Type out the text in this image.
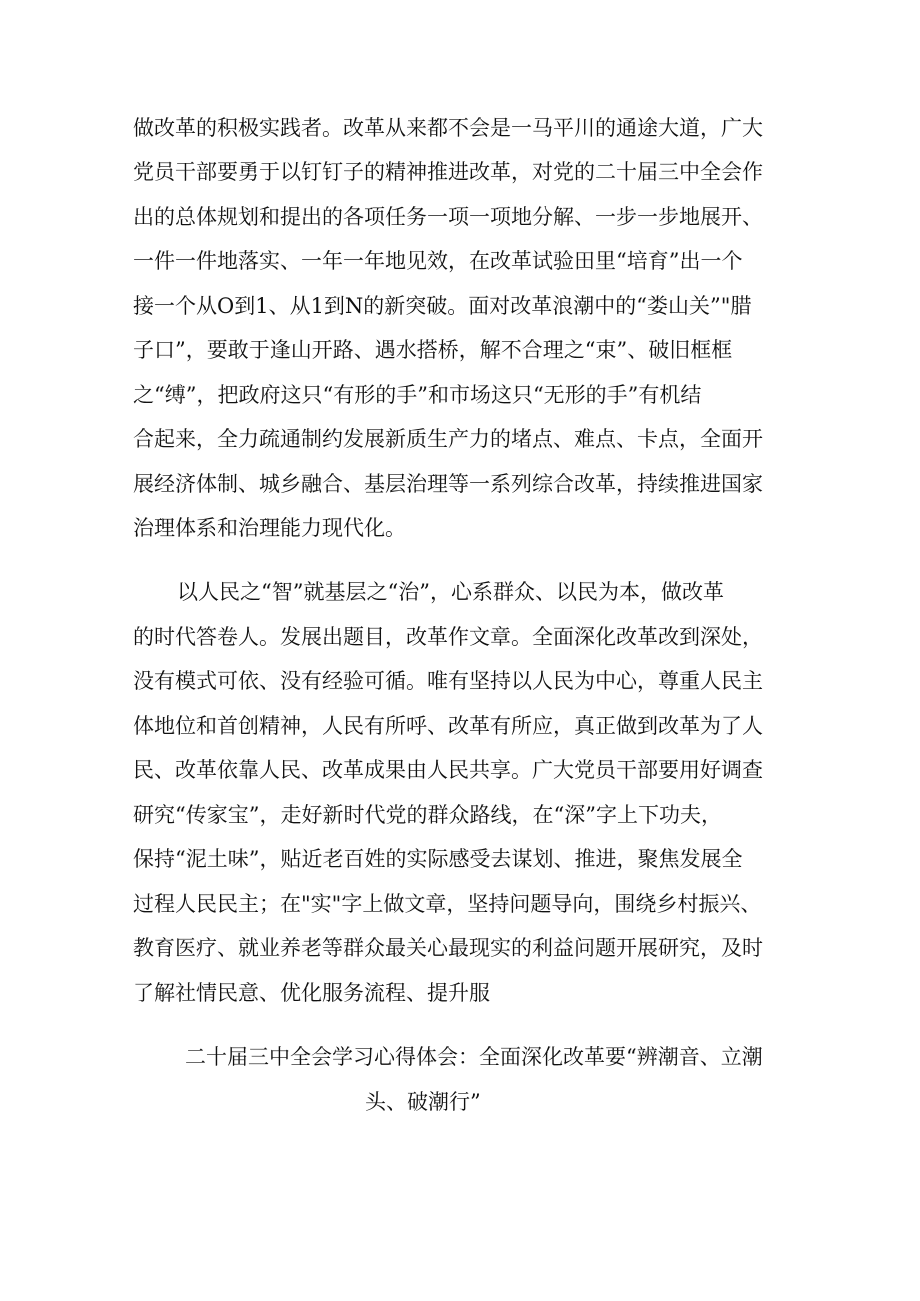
做改革的积极实践者。改革从来都不会是一马平川的通途大道，广大
党员干部要勇于以钉钉子的精神推进改革，对党的二十届三中全会作
出的总体规划和提出的各项任务一项一项地分解、一步一步地展开、
一件一件地落实、一年一年地见效，在改革试验田里“培育”出一个
接一个从O到1、从1到N的新突破。面对改革浪潮中的“娄山关”"腊
子口”，要敢于逢山开路、遇水搭桥，解不合理之“束”、破旧框框
之“缚”，把政府这只“有形的手”和市场这只“无形的手”有机结
合起来，全力疏通制约发展新质生产力的堵点、难点、卡点，全面开
展经济体制、城乡融合、基层治理等一系列综合改革，持续推进国家
治理体系和治理能力现代化。
以人民之“智”就基层之“治”，心系群众、以民为本，做改革
的时代答卷人。发展出题目，改革作文章。全面深化改革改到深处，
没有模式可依、没有经验可循。唯有坚持以人民为中心，尊重人民主
体地位和首创精神，人民有所呼、改革有所应，真正做到改革为了人
民、改革依靠人民、改革成果由人民共享。广大党员干部要用好调查
研究“传家宝”，走好新时代党的群众路线，在“深”字上下功夫，
保持“泥土味”，贴近老百姓的实际感受去谋划、推进，聚焦发展全
过程人民民主；在"实"字上做文章，坚持问题导向，围绕乡村振兴、
教育医疗、就业养老等群众最关心最现实的利益问题开展研究，及时
了解社情民意、优化服务流程、提升服
二十届三中全会学习心得体会：全面深化改革要“辨潮音、立潮
头、破潮行”
